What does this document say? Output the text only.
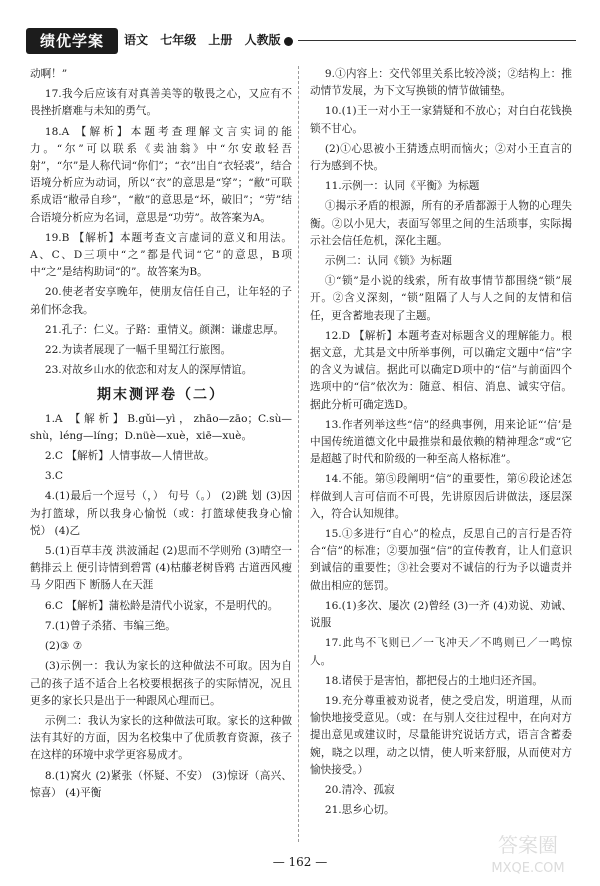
绩优学案	语文 七年级 上册 人教版

动啊！”

17.我今后应该有对真善美等的敬畏之心，又应有不畏挫折磨难与未知的勇气。

18.A 【解析】本题考查理解文言实词的能力。“尔”可以联系《卖油翁》中“尔安敢轻吾射”，“尔”是人称代词“你们”；“衣”出自“衣轻裘”，结合语境分析应为动词，所以“衣”的意思是“穿”；“敝”可联系成语“敝帚自珍”，“敝”的意思是“坏，破旧”；“劳”结合语境分析应为名词，意思是“功劳”。故答案为A。

19.B 【解析】本题考查文言虚词的意义和用法。A、C、D三项中“之”都是代词“它”的意思，B项中“之”是结构助词“的”。故答案为B。

20.使老者安享晚年，使朋友信任自己，让年轻的子弟们怀念我。

21.孔子：仁义。子路：重情义。颜渊：谦虚忠厚。

22.为读者展现了一幅千里蜀江行旅图。

23.对故乡山水的依恋和对友人的深厚情谊。

期末测评卷（二）

1.A 【解析】B.gǔi—yì，zhāo—zāo；C.sù—shù，léng—líng；D.nüè—xuè，xiē—xuè。

2.C 【解析】人情事故—人情世故。

3.C

4.(1)最后一个逗号（，） 句号（。） (2)跳 划 (3)因为打篮球，所以我身心愉悦（或：打篮球使我身心愉悦） (4)乙

5.(1)百草丰茂 洪波涌起 (2)思而不学则殆 (3)晴空一鹤排云上 便引诗情到碧霄 (4)枯藤老树昏鸦 古道西风瘦马 夕阳西下 断肠人在天涯

6.C 【解析】蒲松龄是清代小说家，不是明代的。

7.(1)曾子杀猪、韦编三绝。

(2)③ ⑦

(3)示例一：我认为家长的这种做法不可取。因为自己的孩子适不适合上名校要根据孩子的实际情况，况且更多的家长只是出于一种跟风心理而已。

示例二：我认为家长的这种做法可取。家长的这种做法有其好的方面，因为名校集中了优质教育资源，孩子在这样的环境中求学更容易成才。

8.(1)窝火 (2)紧张（怀疑、不安） (3)惊讶（高兴、惊喜） (4)平衡

9.①内容上：交代邻里关系比较冷淡；②结构上：推动情节发展，为下文写换锁的情节做铺垫。

10.(1)王一对小王一家猜疑和不放心；对白白花钱换锁不甘心。

(2)①心思被小王猜透点明而恼火；②对小王直言的行为感到不快。

11.示例一：认同《平衡》为标题

①揭示矛盾的根源，所有的矛盾都源于人物的心理失衡。②以小见大，表面写邻里之间的生活琐事，实际揭示社会信任危机，深化主题。

示例二：认同《锁》为标题

①“锁”是小说的线索，所有故事情节都围绕“锁”展开。②含义深刻，“锁”阻隔了人与人之间的友情和信任，更含蓄地表现了主题。

12.D 【解析】本题考查对标题含义的理解能力。根据文意，尤其是文中所举事例，可以确定文题中“信”字的含义为诚信。据此可以确定D项中的“信”与前面四个选项中的“信”依次为：随意、相信、消息、诚实守信。据此分析可确定选D。

13.作者列举这些“信”的经典事例，用来论证“‘信’是中国传统道德文化中最推崇和最依赖的精神理念”或“它是超越了时代和阶级的一种至高人格标准”。

14.不能。第⑤段阐明“信”的重要性，第⑥段论述怎样做到人言可信而不可畏，先讲原因后讲做法，逐层深入，符合认知规律。

15.①多进行“自心”的检点，反思自己的言行是否符合“信”的标准；②要加强“信”的宣传教育，让人们意识到诚信的重要性；③社会要对不诚信的行为予以谴责并做出相应的惩罚。

16.(1)多次、屡次 (2)曾经 (3)一齐 (4)劝说、劝诫、说服

17.此鸟不飞则已／一飞冲天／不鸣则已／一鸣惊人。

18.诸侯于是害怕，都把侵占的土地归还齐国。

19.充分尊重被劝说者，使之受启发，明道理，从而愉快地接受意见。（或：在与别人交往过程中，在向对方提出意见或建议时，尽量能讲究说话方式，语言含蓄委婉，晓之以理，动之以情，使人听来舒服，从而使对方愉快接受。）

20.清冷、孤寂

21.思乡心切。

— 162 —
答案圈
MXQE.COM
